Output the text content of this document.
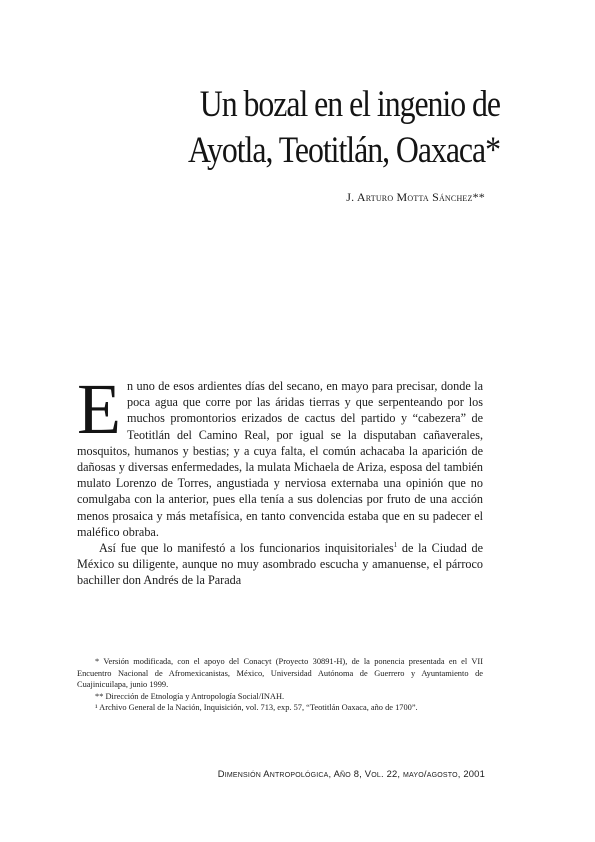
Un bozal en el ingenio de
Ayotla, Teotitlán, Oaxaca*
J. Arturo Motta Sánchez**

En uno de esos ardientes días del secano, en mayo para precisar, donde la poca agua que corre por las áridas tierras y que serpenteando por los muchos promontorios erizados de cactus del partido y “cabezera” de Teotitlán del Camino Real, por igual se la disputaban cañaverales, mosquitos, humanos y bestias; y a cuya falta, el común achacaba la aparición de dañosas y diversas enfermedades, la mulata Michaela de Ariza, esposa del también mulato Lorenzo de Torres, angustiada y nerviosa externaba una opinión que no comulgaba con la anterior, pues ella tenía a sus dolencias por fruto de una acción menos prosaica y más metafísica, en tanto convencida estaba que en su padecer el maléfico obraba.

Así fue que lo manifestó a los funcionarios inquisitoriales$^1$ de la Ciudad de México su diligente, aunque no muy asombrado escucha y amanuense, el párroco bachiller don Andrés de la Parada

* Versión modificada, con el apoyo del Conacyt (Proyecto 30891-H), de la ponencia presentada en el VII Encuentro Nacional de Afromexicanistas, México, Universidad Autónoma de Guerrero y Ayuntamiento de Cuajinicuilapa, junio 1999.

** Dirección de Etnología y Antropología Social/INAH.

¹ Archivo General de la Nación, Inquisición, vol. 713, exp. 57, “Teotitlán Oaxaca, año de 1700”.

Dimensión Antropológica, Año 8, Vol. 22, mayo/agosto, 2001
